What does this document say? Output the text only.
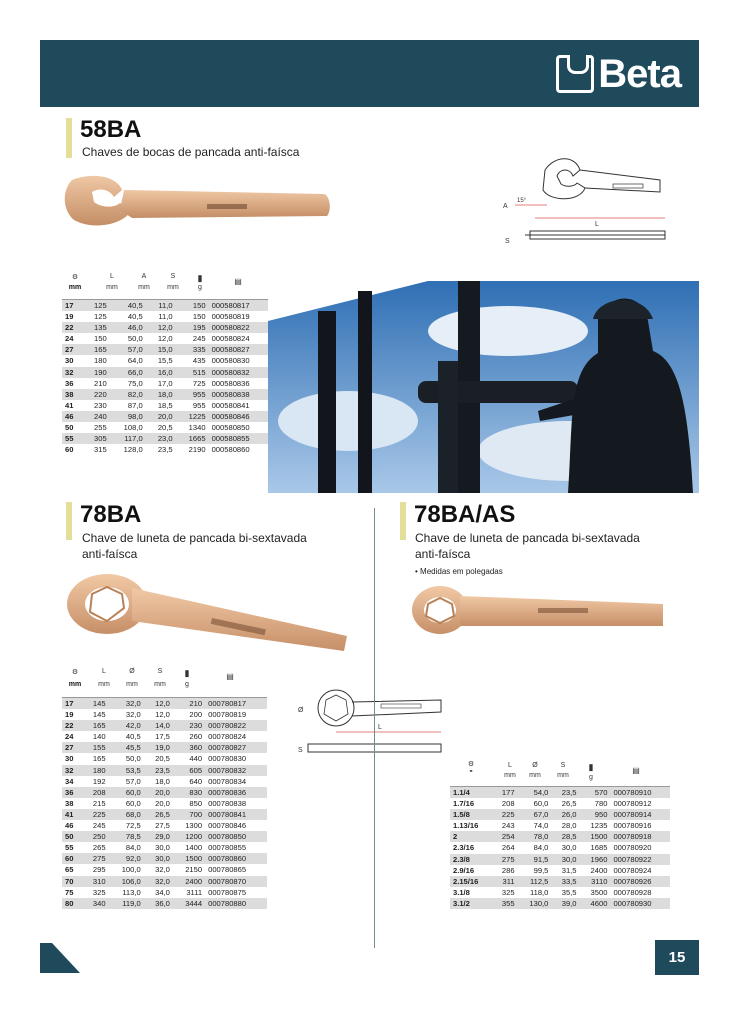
Beta
58BA
Chaves de bocas de pancada anti-faísca
A
15°
L
S
⚙
mm
L
mm
A
mm
S
mm
▮
g
▤
17	125	40,5	11,0	150	000580817
19	125	40,5	11,0	150	000580819
22	135	46,0	12,0	195	000580822
24	150	50,0	12,0	245	000580824
27	165	57,0	15,0	335	000580827
30	180	64,0	15,5	435	000580830
32	190	66,0	16,0	515	000580832
36	210	75,0	17,0	725	000580836
38	220	82,0	18,0	955	000580838
41	230	87,0	18,5	955	000580841
46	240	98,0	20,0	1225	000580846
50	255	108,0	20,5	1340	000580850
55	305	117,0	23,0	1665	000580855
60	315	128,0	23,5	2190	000580860
78BA
Chave de luneta de pancada bi-sextavada
anti-faísca
⚙
mm
L
mm
Ø
mm
S
mm
▮
g
▤
17	145	32,0	12,0	210	000780817
19	145	32,0	12,0	200	000780819
22	165	42,0	14,0	230	000780822
24	140	40,5	17,5	260	000780824
27	155	45,5	19,0	360	000780827
30	165	50,0	20,5	440	000780830
32	180	53,5	23,5	605	000780832
34	192	57,0	18,0	640	000780834
36	208	60,0	20,0	830	000780836
38	215	60,0	20,0	850	000780838
41	225	68,0	26,5	700	000780841
46	245	72,5	27,5	1300	000780846
50	250	78,5	29,0	1200	000780850
55	265	84,0	30,0	1400	000780855
60	275	92,0	30,0	1500	000780860
65	295	100,0	32,0	2150	000780865
70	310	106,0	32,0	2400	000780870
75	325	113,0	34,0	3111	000780875
80	340	119,0	36,0	3444	000780880
Ø
L
S
78BA/AS
Chave de luneta de pancada bi-sextavada
anti-faísca
• Medidas em polegadas
⚙
"
L
mm
Ø
mm
S
mm
▮
g
▤
1.1/4	177	54,0	23,5	570	000780910
1.7/16	208	60,0	26,5	780	000780912
1.5/8	225	67,0	26,0	950	000780914
1.13/16	243	74,0	28,0	1235	000780916
2	254	78,0	28,5	1500	000780918
2.3/16	264	84,0	30,0	1685	000780920
2.3/8	275	91,5	30,0	1960	000780922
2.9/16	286	99,5	31,5	2400	000780924
2.15/16	311	112,5	33,5	3110	000780926
3.1/8	325	118,0	35,5	3500	000780928
3.1/2	355	130,0	39,0	4600	000780930
15
